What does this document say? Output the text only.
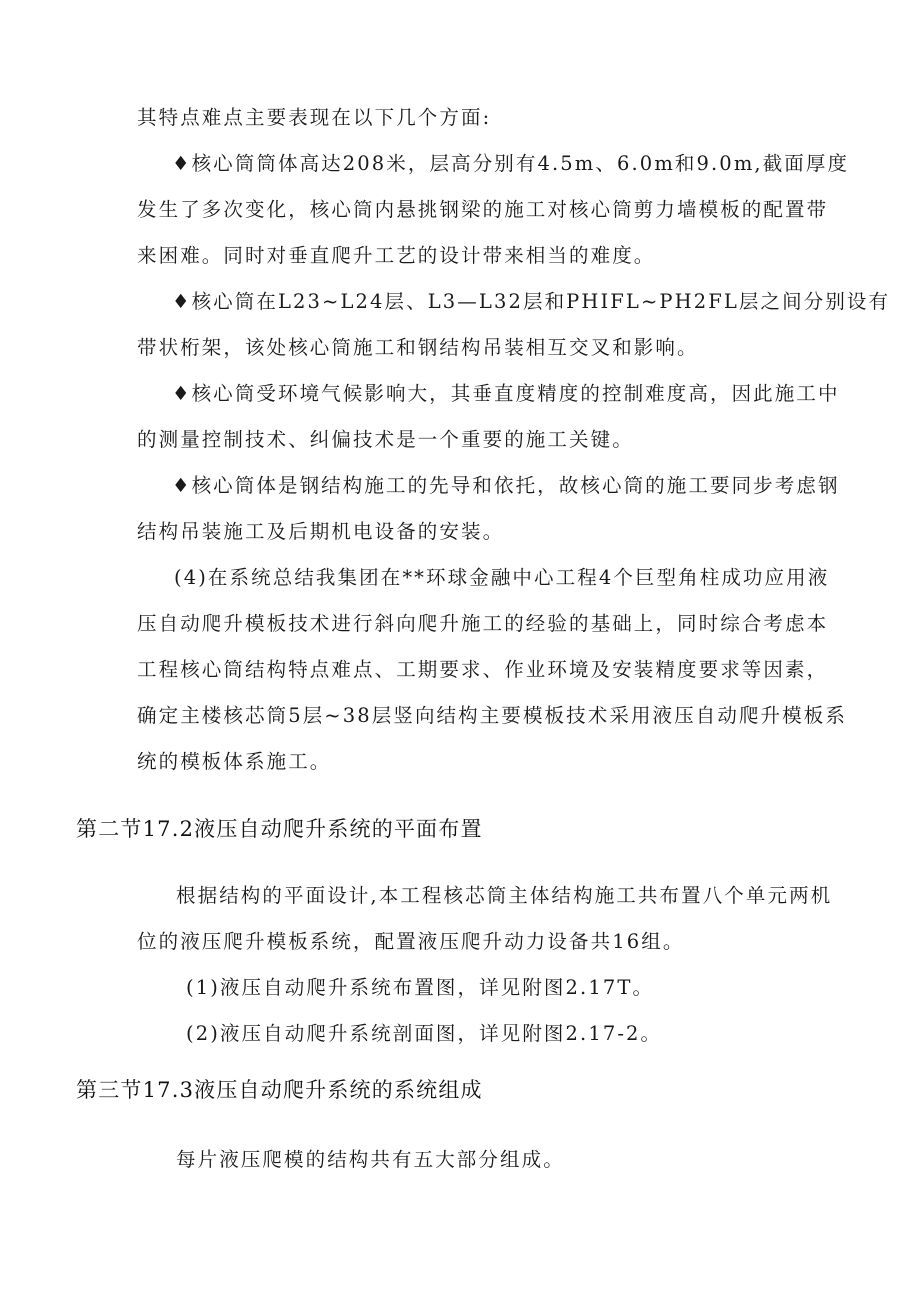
其特点难点主要表现在以下几个方面:
♦核心筒筒体高达208米，层高分别有4.5m、6.0m和9.0m,截面厚度
发生了多次变化，核心筒内悬挑钢梁的施工对核心筒剪力墙模板的配置带
来困难。同时对垂直爬升工艺的设计带来相当的难度。
♦核心筒在L23~L24层、L3—L32层和PHIFL~PH2FL层之间分别设有
带状桁架，该处核心筒施工和钢结构吊装相互交叉和影响。
♦核心筒受环境气候影响大，其垂直度精度的控制难度高，因此施工中
的测量控制技术、纠偏技术是一个重要的施工关键。
♦核心筒体是钢结构施工的先导和依托，故核心筒的施工要同步考虑钢
结构吊装施工及后期机电设备的安装。
(4)在系统总结我集团在**环球金融中心工程4个巨型角柱成功应用液
压自动爬升模板技术进行斜向爬升施工的经验的基础上，同时综合考虑本
工程核心筒结构特点难点、工期要求、作业环境及安装精度要求等因素，
确定主楼核芯筒5层~38层竖向结构主要模板技术采用液压自动爬升模板系
统的模板体系施工。
第二节17.2液压自动爬升系统的平面布置
根据结构的平面设计,本工程核芯筒主体结构施工共布置八个单元两机
位的液压爬升模板系统，配置液压爬升动力设备共16组。
(1)液压自动爬升系统布置图，详见附图2.17T。
(2)液压自动爬升系统剖面图，详见附图2.17-2。
第三节17.3液压自动爬升系统的系统组成
每片液压爬模的结构共有五大部分组成。
